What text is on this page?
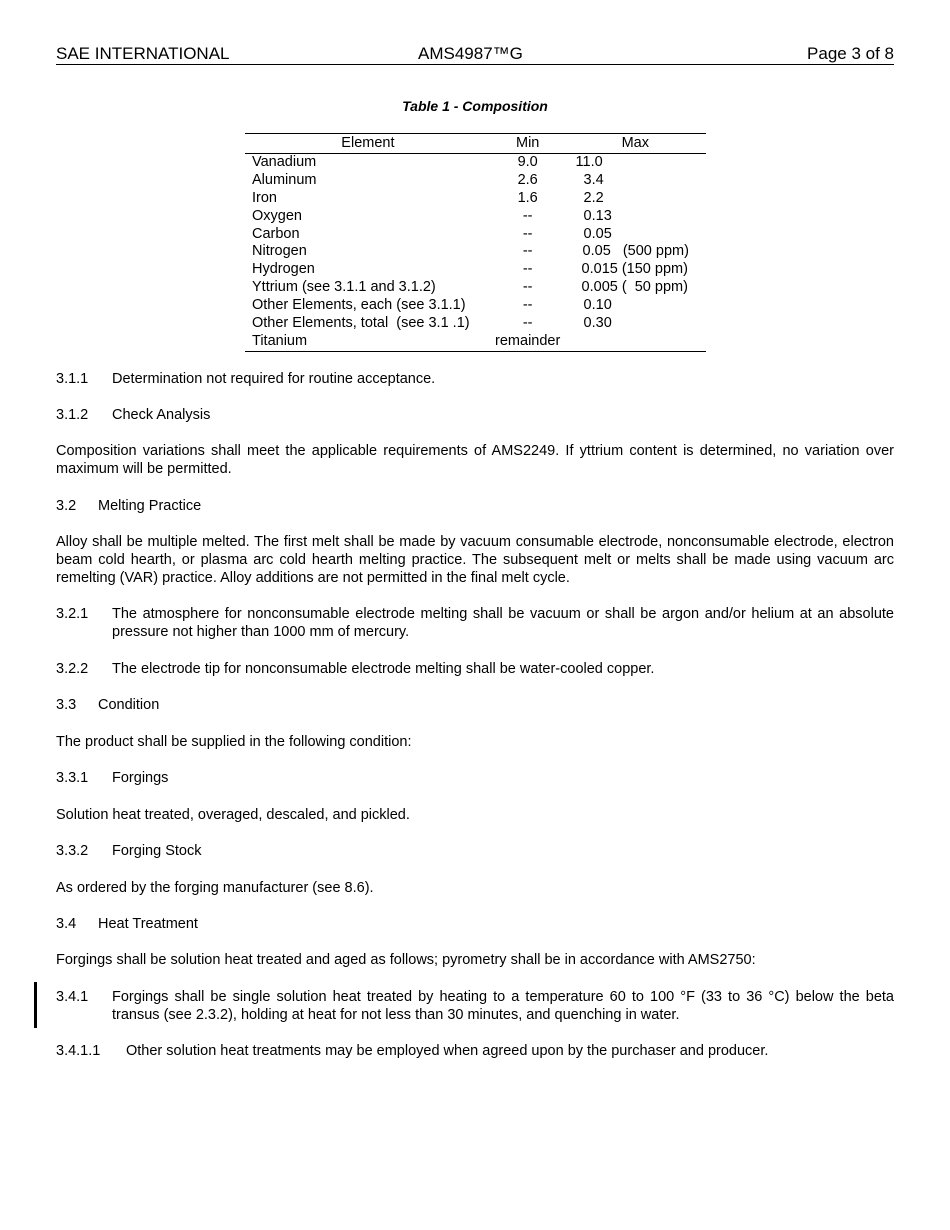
SAE INTERNATIONAL	AMS4987™G	Page 3 of 8
Table 1 - Composition
Element	Min	Max
Vanadium	9.0	11.0
Aluminum	2.6	3.4
Iron	1.6	2.2
Oxygen	--	0.13
Carbon	--	0.05
Nitrogen	--	0.05   (500 ppm)
Hydrogen	--	0.015 (150 ppm)
Yttrium (see 3.1.1 and 3.1.2)	--	0.005 (  50 ppm)
Other Elements, each (see 3.1.1)	--	0.10
Other Elements, total  (see 3.1 .1)	--	0.30
Titanium	remainder	
3.1.1 Determination not required for routine acceptance.
3.1.2 Check Analysis
Composition variations shall meet the applicable requirements of AMS2249. If yttrium content is determined, no variation over maximum will be permitted.
3.2 Melting Practice
Alloy shall be multiple melted. The first melt shall be made by vacuum consumable electrode, nonconsumable electrode, electron beam cold hearth, or plasma arc cold hearth melting practice. The subsequent melt or melts shall be made using vacuum arc remelting (VAR) practice. Alloy additions are not permitted in the final melt cycle.
3.2.1 The atmosphere for nonconsumable electrode melting shall be vacuum or shall be argon and/or helium at an absolute pressure not higher than 1000 mm of mercury.
3.2.2 The electrode tip for nonconsumable electrode melting shall be water-cooled copper.
3.3 Condition
The product shall be supplied in the following condition:
3.3.1 Forgings
Solution heat treated, overaged, descaled, and pickled.
3.3.2 Forging Stock
As ordered by the forging manufacturer (see 8.6).
3.4 Heat Treatment
Forgings shall be solution heat treated and aged as follows; pyrometry shall be in accordance with AMS2750:
3.4.1 Forgings shall be single solution heat treated by heating to a temperature 60 to 100 °F (33 to 36 °C) below the beta transus (see 2.3.2), holding at heat for not less than 30 minutes, and quenching in water.
3.4.1.1 Other solution heat treatments may be employed when agreed upon by the purchaser and producer.
